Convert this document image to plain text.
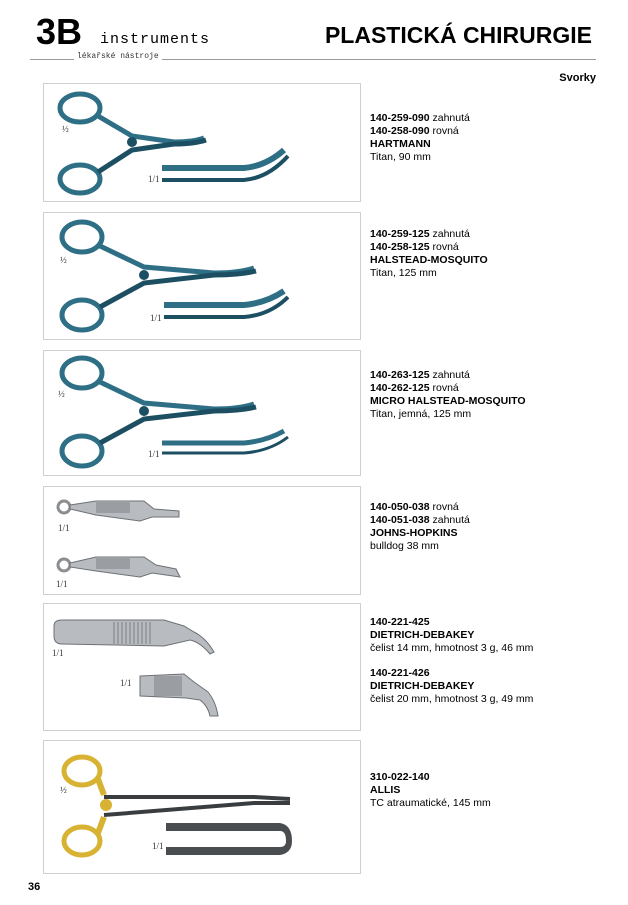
3B instruments
lékařské nástroje
PLASTICKÁ CHIRURGIE
Svorky
½
1/1
140-259-090 zahnutá
140-258-090 rovná
HARTMANN
Titan, 90 mm
½
1/1
140-259-125 zahnutá
140-258-125 rovná
HALSTEAD-MOSQUITO
Titan, 125 mm
½
1/1
140-263-125 zahnutá
140-262-125 rovná
MICRO HALSTEAD-MOSQUITO
Titan, jemná, 125 mm
1/1
1/1
140-050-038 rovná
140-051-038 zahnutá
JOHNS-HOPKINS
bulldog 38 mm
1/1
1/1
140-221-425
DIETRICH-DEBAKEY
čelist 14 mm, hmotnost 3 g, 46 mm
140-221-426
DIETRICH-DEBAKEY
čelist 20 mm, hmotnost 3 g, 49 mm
½
1/1
310-022-140
ALLIS
TC atraumatické, 145 mm
36
